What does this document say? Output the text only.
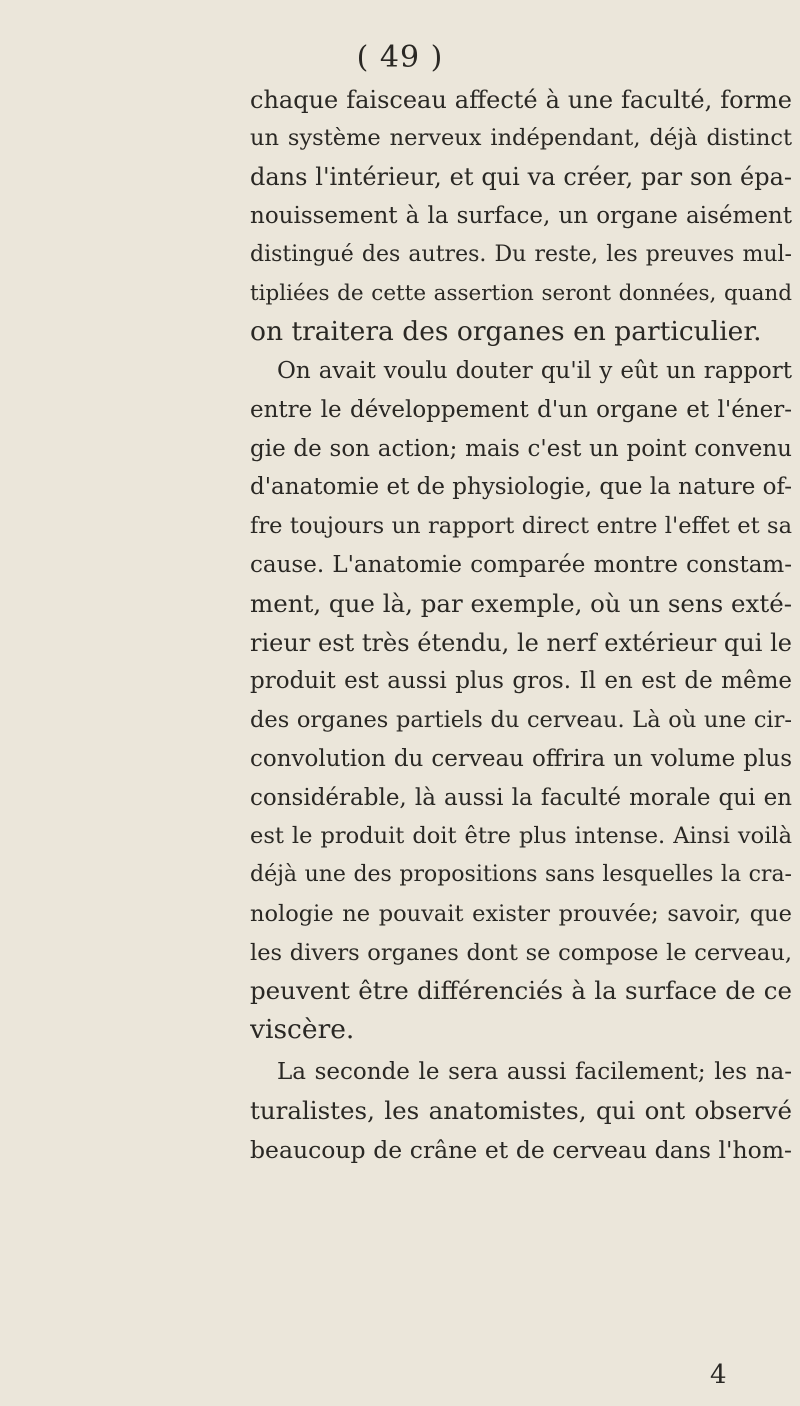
( 49 )
chaque faisceau affecté à une faculté, forme
un système nerveux indépendant, déjà distinct
dans l'intérieur, et qui va créer, par son épa-
nouissement à la surface, un organe aisément
distingué des autres. Du reste, les preuves mul-
tipliées de cette assertion seront données, quand
on traitera des organes en particulier.
On avait voulu douter qu'il y eût un rapport
entre le développement d'un organe et l'éner-
gie de son action; mais c'est un point convenu
d'anatomie et de physiologie, que la nature of-
fre toujours un rapport direct entre l'effet et sa
cause. L'anatomie comparée montre constam-
ment, que là, par exemple, où un sens exté-
rieur est très étendu, le nerf extérieur qui le
produit est aussi plus gros. Il en est de même
des organes partiels du cerveau. Là où une cir-
convolution du cerveau offrira un volume plus
considérable, là aussi la faculté morale qui en
est le produit doit être plus intense. Ainsi voilà
déjà une des propositions sans lesquelles la cra-
nologie ne pouvait exister prouvée; savoir, que
les divers organes dont se compose le cerveau,
peuvent être différenciés à la surface de ce
viscère.
La seconde le sera aussi facilement; les na-
turalistes, les anatomistes, qui ont observé
beaucoup de crâne et de cerveau dans l'hom-
4
